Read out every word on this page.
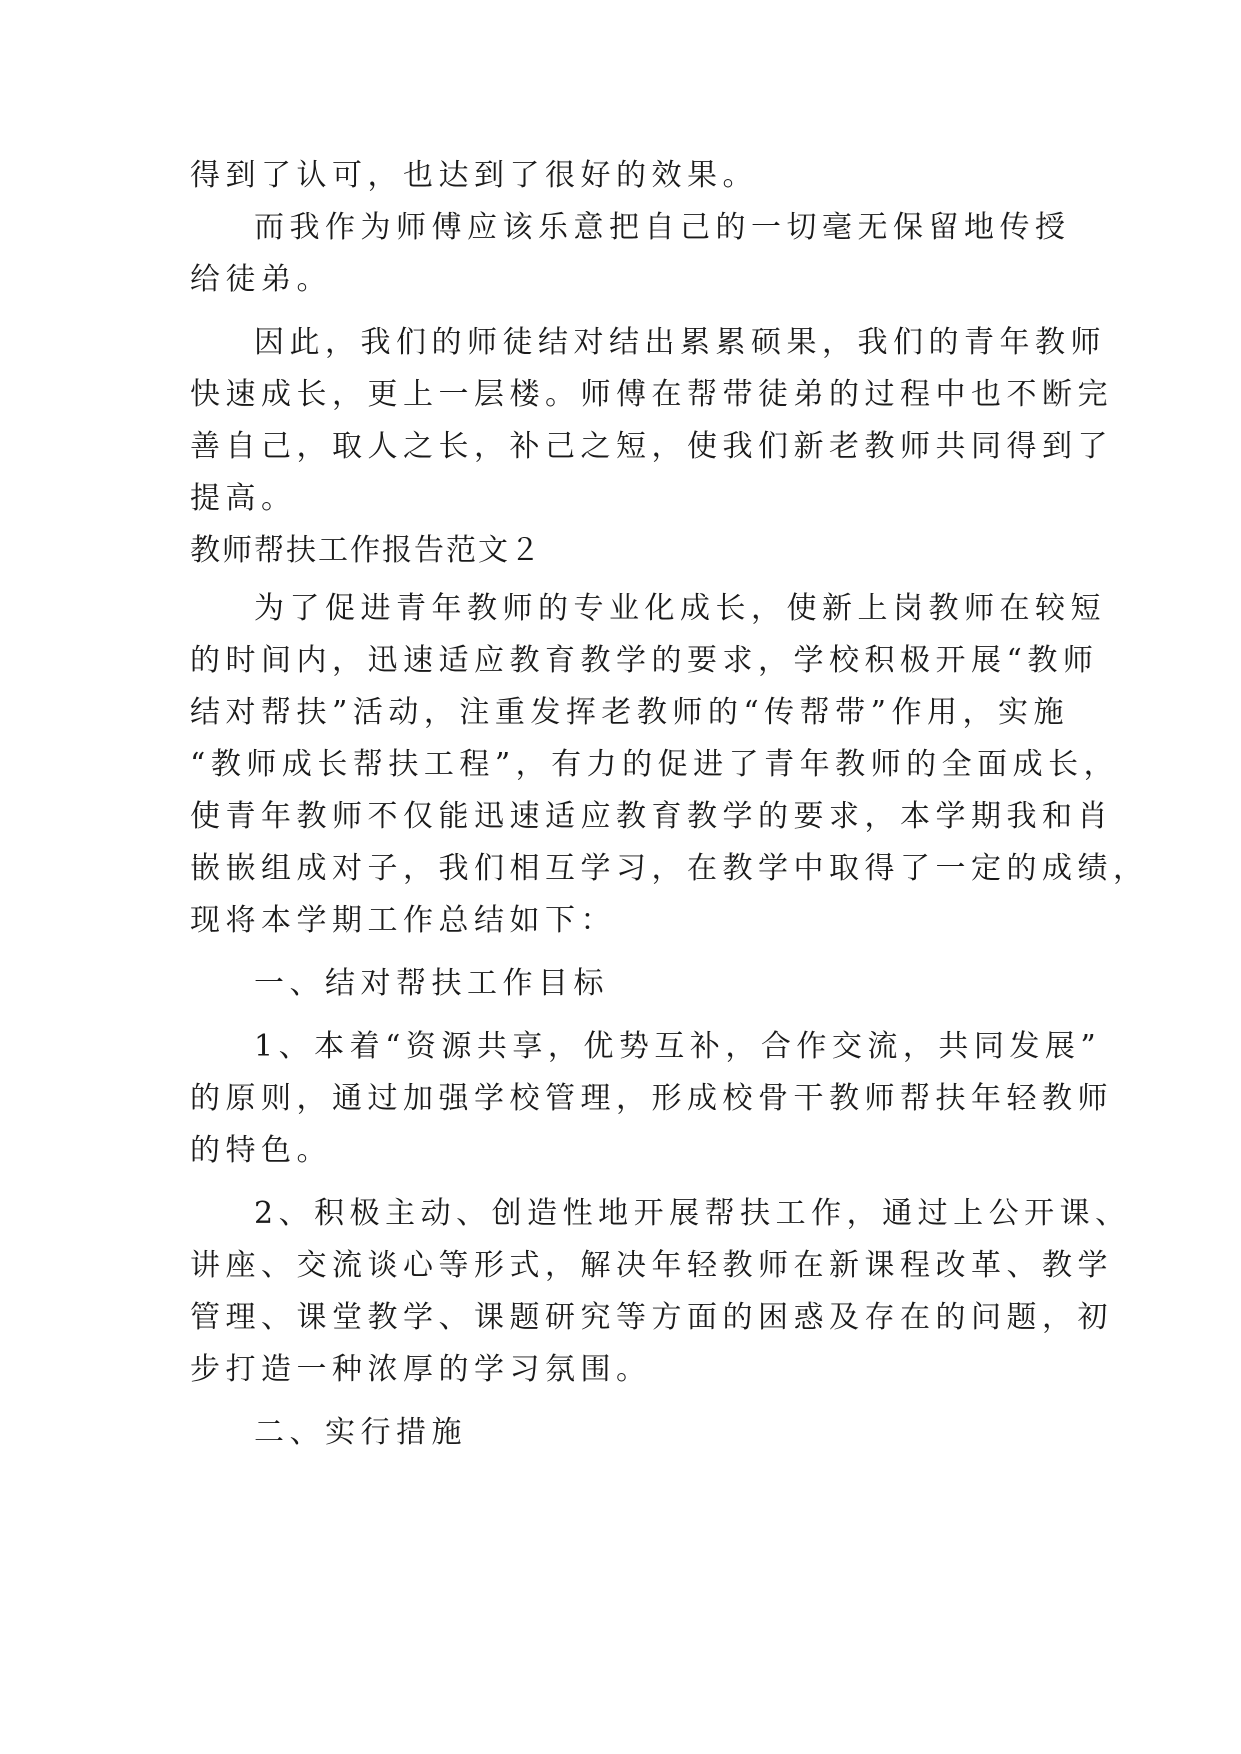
得到了认可，也达到了很好的效果。
而我作为师傅应该乐意把自己的一切毫无保留地传授
给徒弟。
因此，我们的师徒结对结出累累硕果，我们的青年教师
快速成长，更上一层楼。师傅在帮带徒弟的过程中也不断完
善自己，取人之长，补己之短，使我们新老教师共同得到了
提高。
教师帮扶工作报告范文２
为了促进青年教师的专业化成长，使新上岗教师在较短
的时间内，迅速适应教育教学的要求，学校积极开展“教师
结对帮扶”活动，注重发挥老教师的“传帮带”作用，实施
“教师成长帮扶工程”，有力的促进了青年教师的全面成长，
使青年教师不仅能迅速适应教育教学的要求，本学期我和肖
嵌嵌组成对子，我们相互学习，在教学中取得了一定的成绩，
现将本学期工作总结如下：
一、结对帮扶工作目标
1、本着“资源共享，优势互补，合作交流，共同发展”
的原则，通过加强学校管理，形成校骨干教师帮扶年轻教师
的特色。
2、积极主动、创造性地开展帮扶工作，通过上公开课、
讲座、交流谈心等形式，解决年轻教师在新课程改革、教学
管理、课堂教学、课题研究等方面的困惑及存在的问题，初
步打造一种浓厚的学习氛围。
二、实行措施
